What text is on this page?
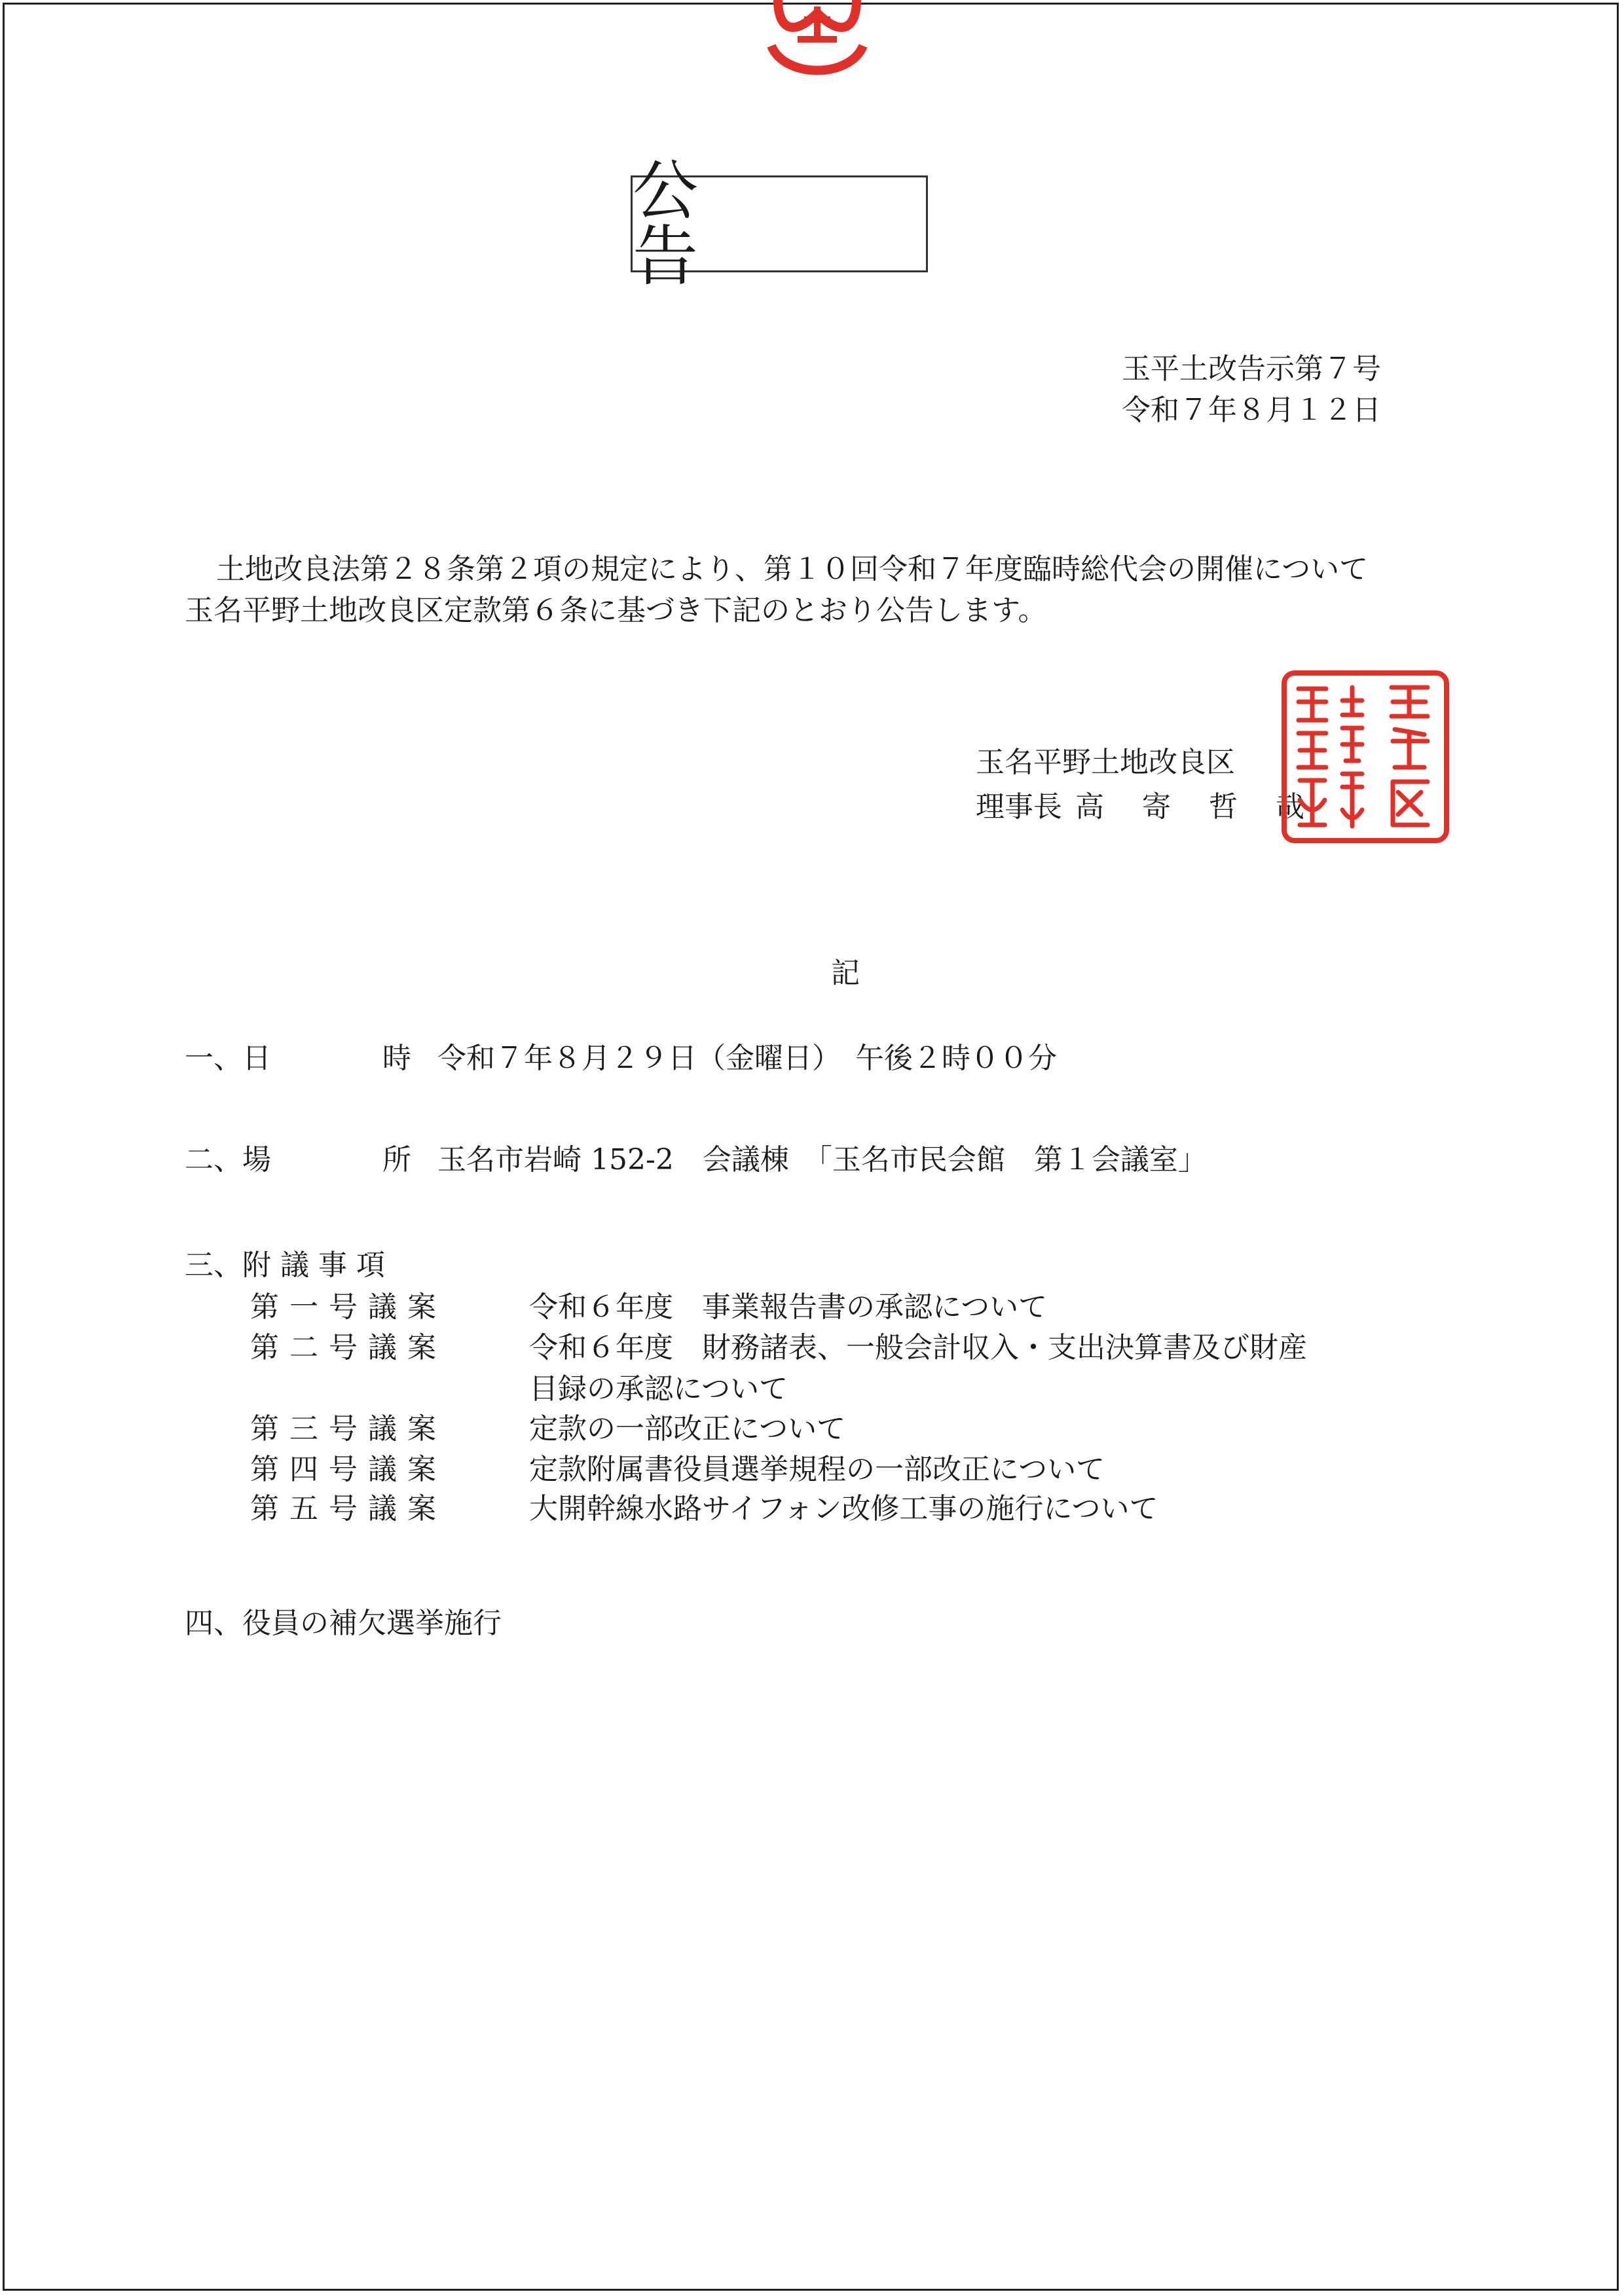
公　告
玉平土改告示第７号
令和７年８月１２日
土地改良法第２８条第２項の規定により、第１０回令和７年度臨時総代会の開催について
玉名平野土地改良区定款第６条に基づき下記のとおり公告します。
玉名平野土地改良区
理事長 高 寄 哲 哉
記
一、日	時 令和７年８月２９日（金曜日）　午後２時００分
二、場	所 玉名市岩崎 152-2　会議棟　「玉名市民会館　第１会議室」
三、附 議 事 項
第一号議案	令和６年度　事業報告書の承認について
第二号議案	令和６年度　財務諸表、一般会計収入・支出決算書及び財産
目録の承認について
第三号議案	定款の一部改正について
第四号議案	定款附属書役員選挙規程の一部改正について
第五号議案	大開幹線水路サイフォン改修工事の施行について
四、役員の補欠選挙施行
